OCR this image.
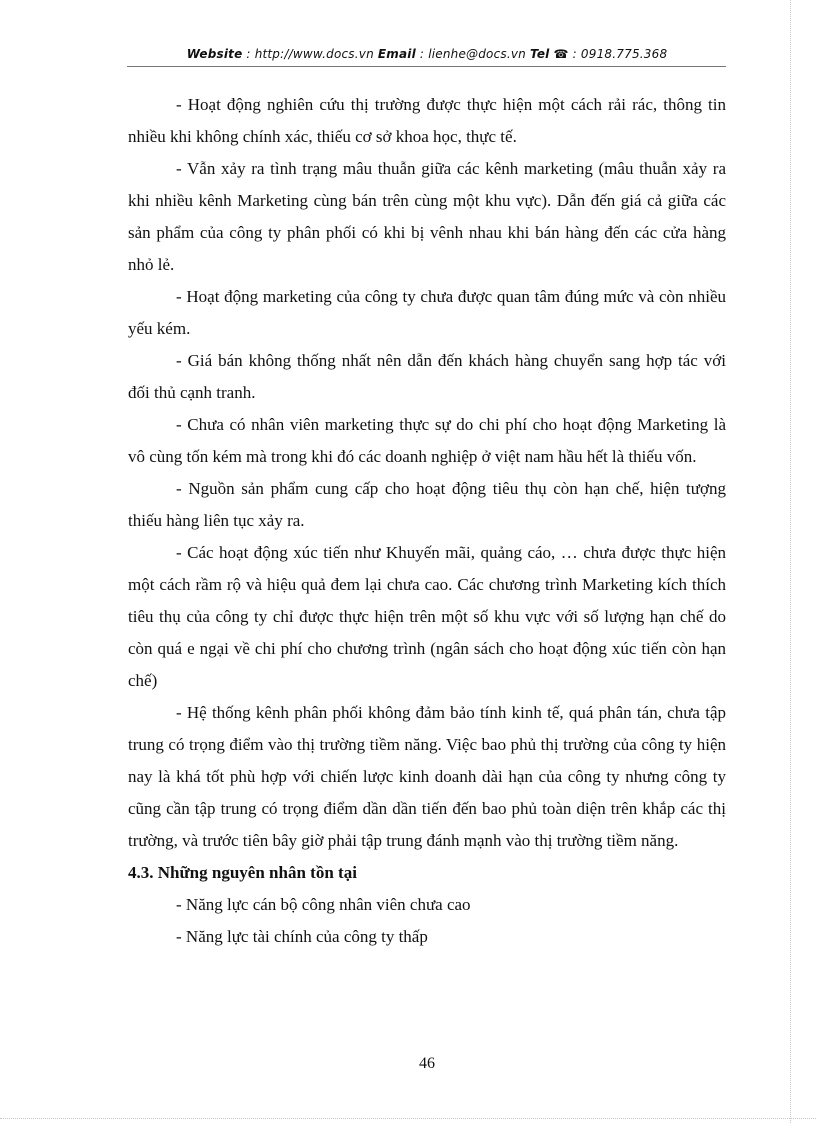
Website : http://www.docs.vn Email : lienhe@docs.vn Tel ☎ : 0918.775.368

- Hoạt động nghiên cứu thị trường được thực hiện một cách rải rác, thông tin nhiều khi không chính xác, thiếu cơ sở khoa học, thực tế.

- Vẫn xảy ra tình trạng mâu thuẫn giữa các kênh marketing (mâu thuẫn xảy ra khi nhiều kênh Marketing cùng bán trên cùng một khu vực). Dẫn đến giá cả giữa các sản phẩm của công ty phân phối có khi bị vênh nhau khi bán hàng đến các cửa hàng nhỏ lẻ.

- Hoạt động marketing của công ty chưa được quan tâm đúng mức và còn nhiều yếu kém.

- Giá bán không thống nhất nên dẫn đến khách hàng chuyển sang hợp tác với đối thủ cạnh tranh.

- Chưa có nhân viên marketing thực sự do chi phí cho hoạt động Marketing là vô cùng tốn kém mà trong khi đó các doanh nghiệp ở việt nam hầu hết là thiếu vốn.

- Nguồn sản phẩm cung cấp cho hoạt động tiêu thụ còn hạn chế, hiện tượng thiếu hàng liên tục xảy ra.

- Các hoạt động xúc tiến như Khuyến mãi, quảng cáo, … chưa được thực hiện một cách rầm rộ và hiệu quả đem lại chưa cao. Các chương trình Marketing kích thích tiêu thụ của công ty chỉ được thực hiện trên một số khu vực với số lượng hạn chế do còn quá e ngại về chi phí cho chương trình (ngân sách cho hoạt động xúc tiến còn hạn chế)

- Hệ thống kênh phân phối không đảm bảo tính kinh tế, quá phân tán, chưa tập trung có trọng điểm vào thị trường tiềm năng. Việc bao phủ thị trường của công ty hiện nay là khá tốt phù hợp với chiến lược kinh doanh dài hạn của công ty nhưng công ty cũng cần tập trung có trọng điểm dần dần tiến đến bao phủ toàn diện trên khắp các thị trường, và trước tiên bây giờ phải tập trung đánh mạnh vào thị trường tiềm năng.

4.3. Những nguyên nhân tồn tại

- Năng lực cán bộ công nhân viên chưa cao

- Năng lực tài chính của công ty thấp

46
